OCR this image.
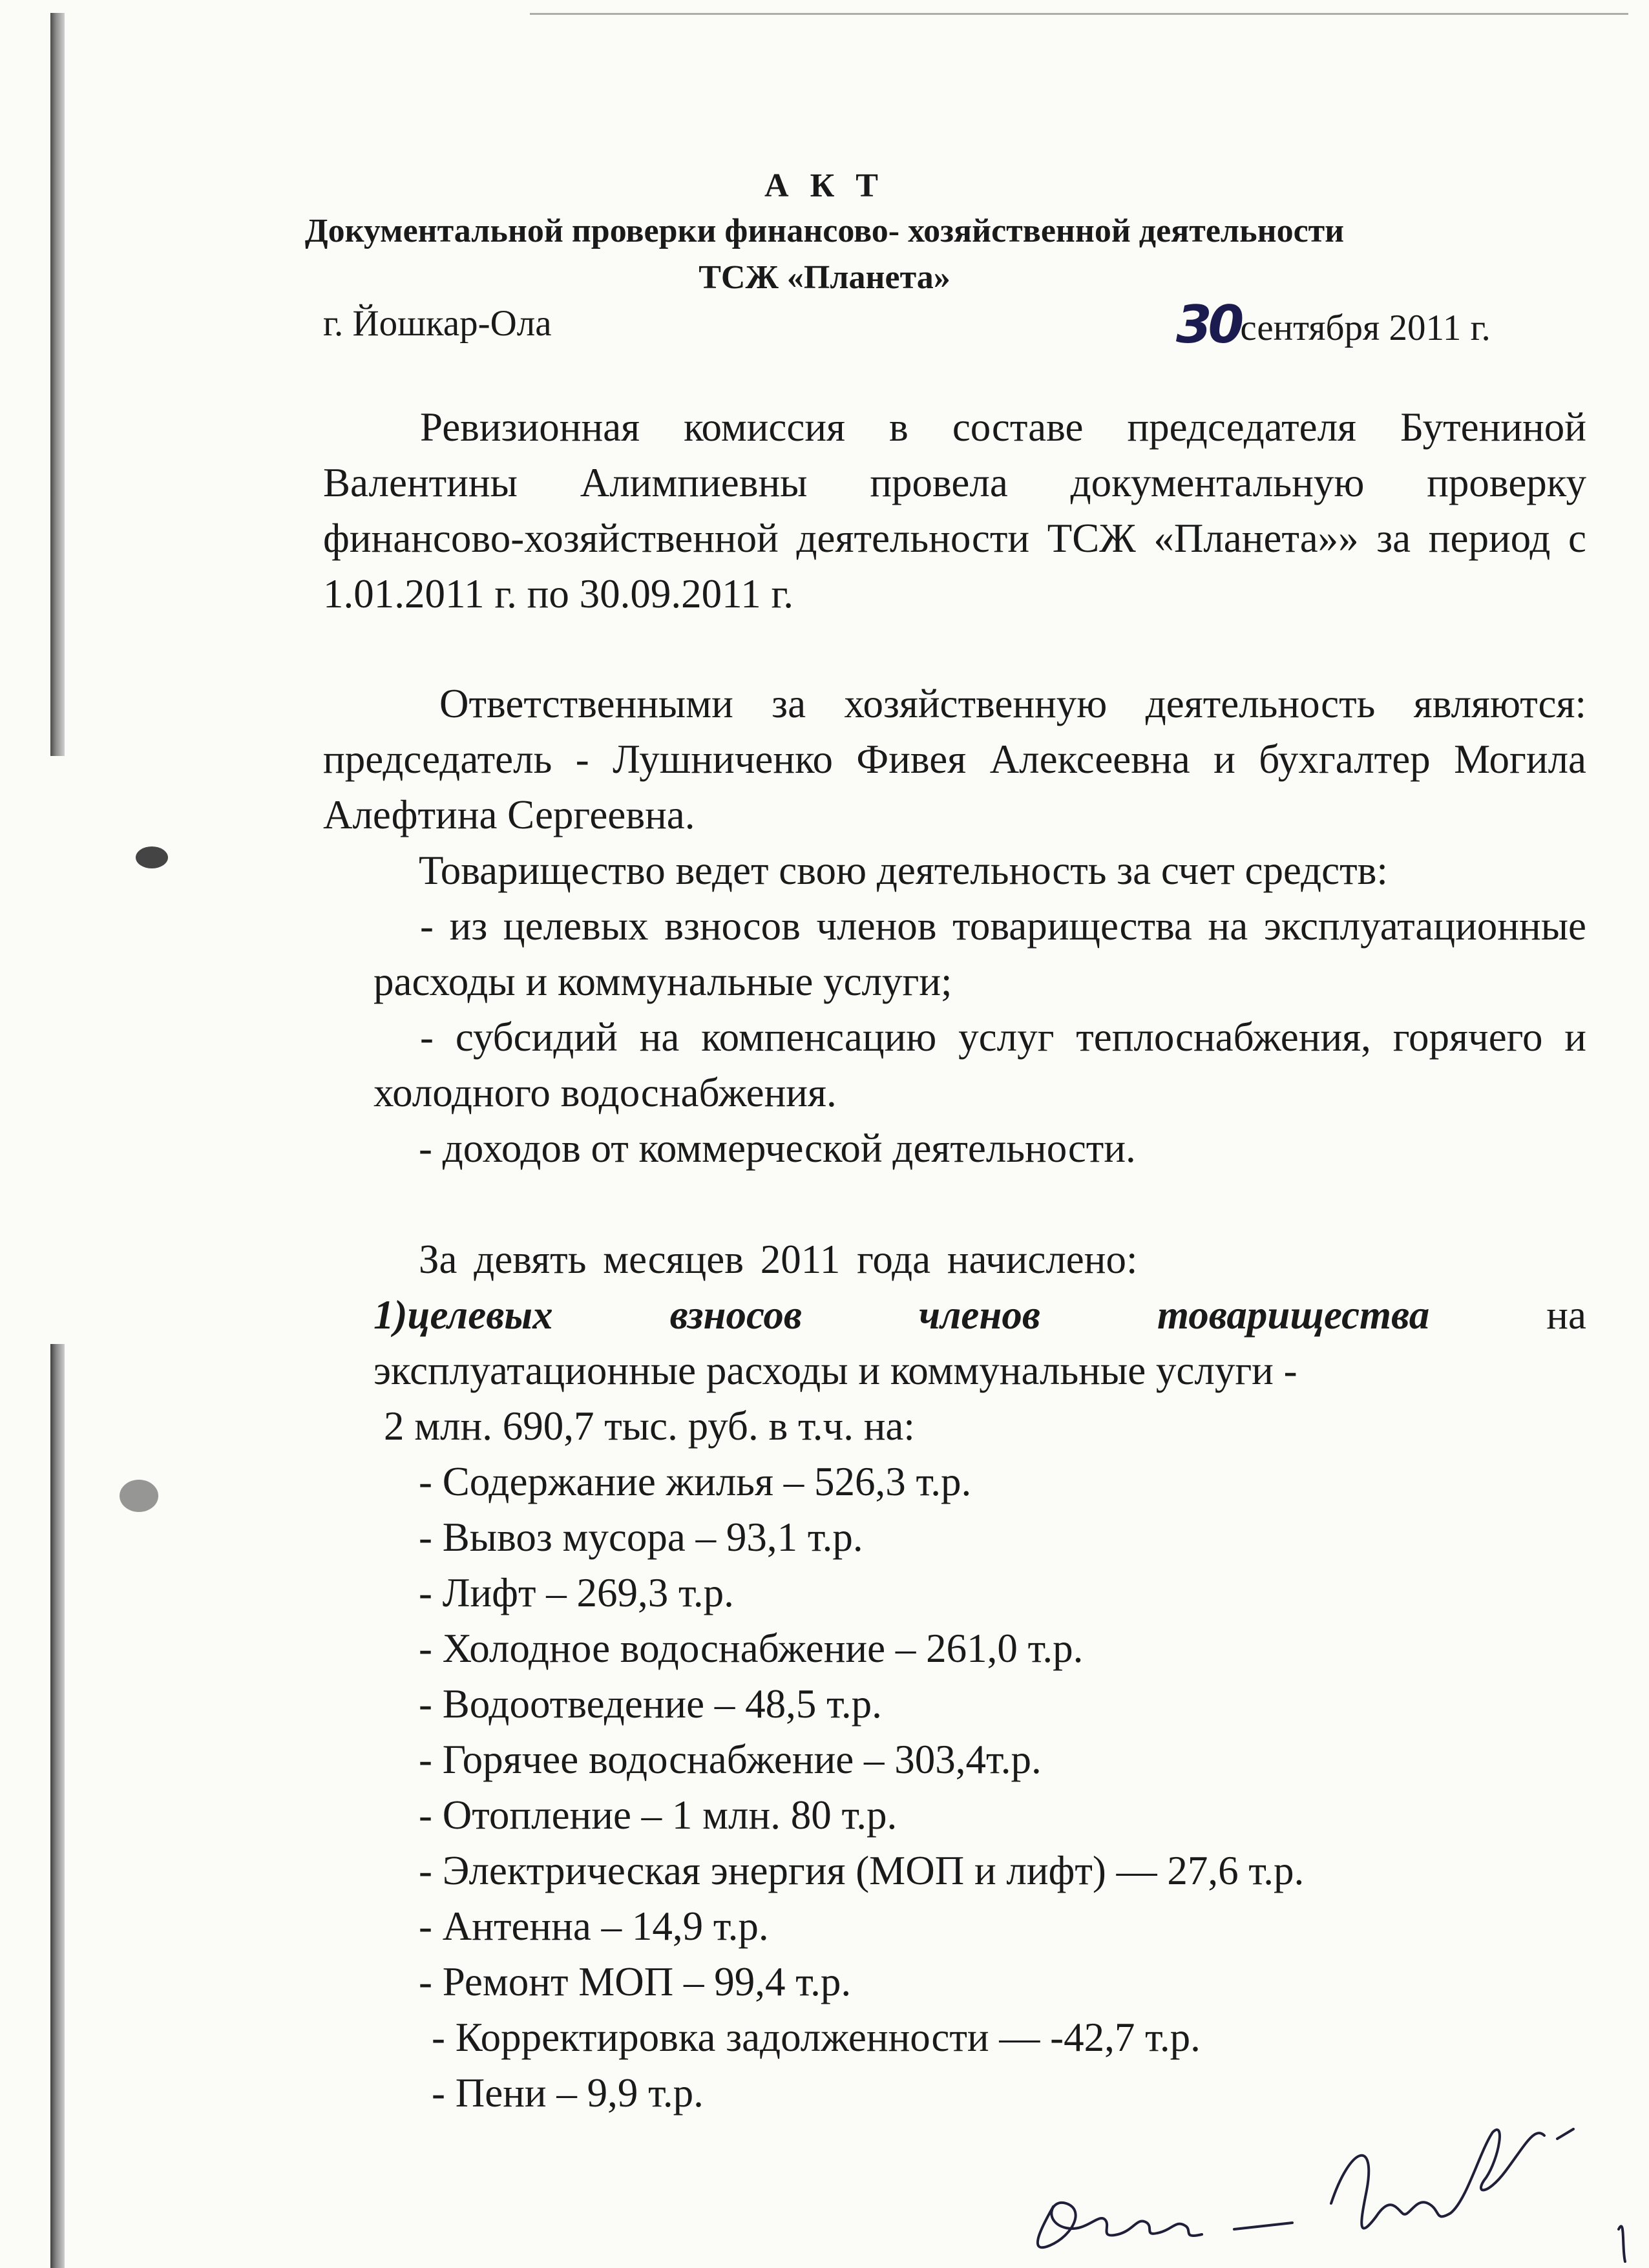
А К Т
Документальной проверки финансово- хозяйственной деятельности
ТСЖ «Планета»
г. Йошкар-Ола	30сентября 2011 г.
Ревизионная комиссия в составе председателя Бутениной Валентины Алимпиевны провела документальную проверку финансово-хозяйственной деятельности ТСЖ «Планета»» за период с 1.01.2011 г. по 30.09.2011 г.
Ответственными за хозяйственную деятельность являются: председатель - Лушниченко Фивея Алексеевна и бухгалтер Могила Алефтина Сергеевна.
Товарищество ведет свою деятельность за счет средств:
- из целевых взносов членов товарищества на эксплуатационные расходы и коммунальные услуги;
- субсидий на компенсацию услуг теплоснабжения, горячего и холодного водоснабжения.
- доходов от коммерческой деятельности.
За девять месяцев 2011 года начислено:
1)целевых	взносов	членов	товарищества	на
эксплуатационные расходы и коммунальные услуги -
2 млн. 690,7 тыс. руб. в т.ч. на:
- Содержание жилья – 526,3 т.р.
- Вывоз мусора – 93,1 т.р.
- Лифт – 269,3 т.р.
- Холодное водоснабжение – 261,0 т.р.
- Водоотведение – 48,5 т.р.
- Горячее водоснабжение – 303,4т.р.
- Отопление – 1 млн. 80 т.р.
- Электрическая энергия (МОП и лифт) — 27,6 т.р.
- Антенна – 14,9 т.р.
- Ремонт МОП – 99,4 т.р.
- Корректировка задолженности — -42,7 т.р.
- Пени – 9,9 т.р.
